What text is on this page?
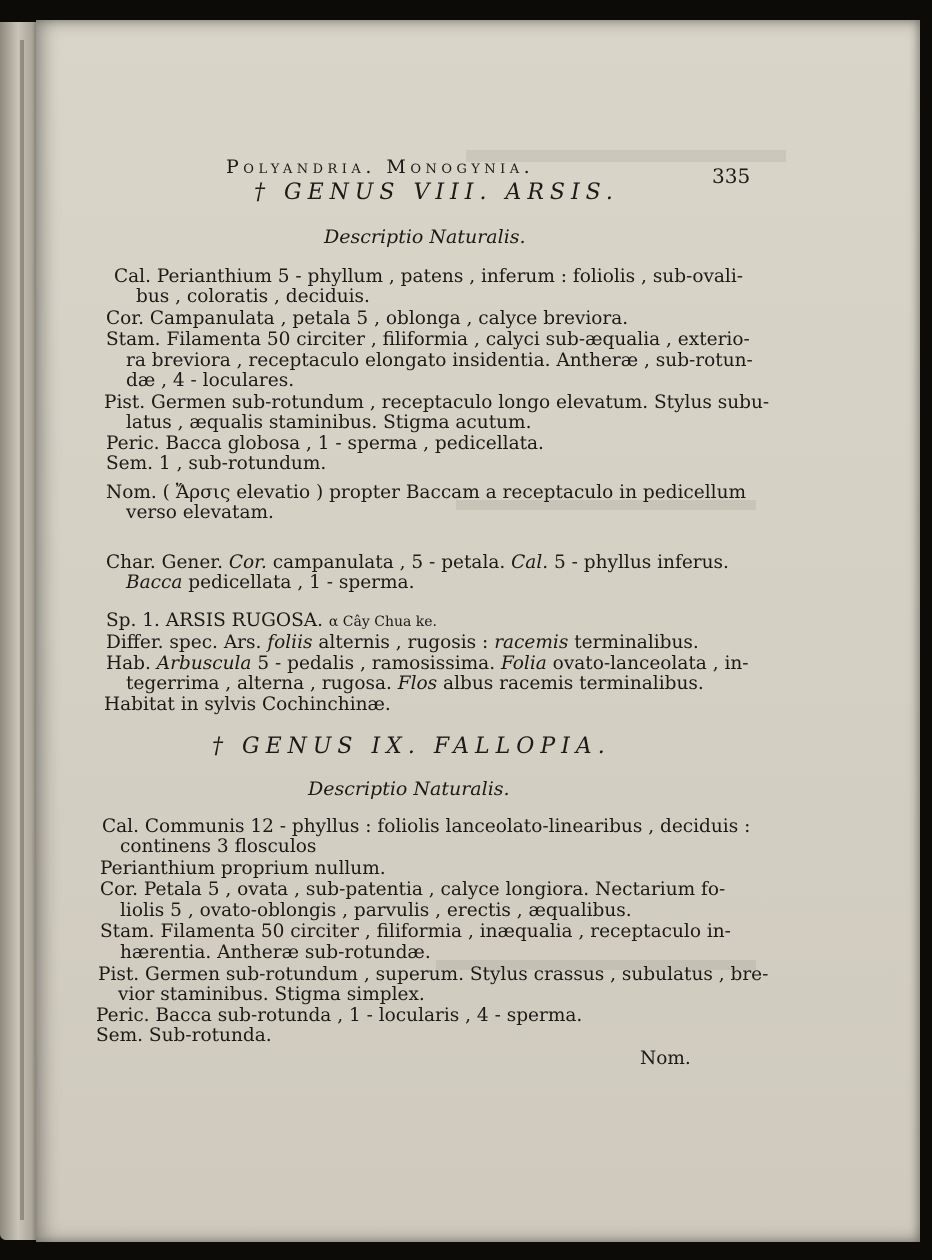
Polyandria. Monogynia.	335
† GENUS VIII. ARSIS.
Descriptio Naturalis.
Cal. Perianthium 5 - phyllum , patens , inferum : foliolis , sub-ovali-
bus , coloratis , deciduis.
Cor. Campanulata , petala 5 , oblonga , calyce breviora.
Stam. Filamenta 50 circiter , filiformia , calyci sub-æqualia , exterio-
ra breviora , receptaculo elongato insidentia. Antheræ , sub-rotun-
dæ , 4 - loculares.
Pist. Germen sub-rotundum , receptaculo longo elevatum. Stylus subu-
latus , æqualis staminibus. Stigma acutum.
Peric. Bacca globosa , 1 - sperma , pedicellata.
Sem. 1 , sub-rotundum.
Nom. ( Ἄρσις elevatio ) propter Baccam a receptaculo in pedicellum
verso elevatam.
Char. Gener. Cor. campanulata , 5 - petala. Cal. 5 - phyllus inferus.
Bacca pedicellata , 1 - sperma.
Sp. 1. ARSIS RUGOSA. α Cây Chua ke.
Differ. spec. Ars. foliis alternis , rugosis : racemis terminalibus.
Hab. Arbuscula 5 - pedalis , ramosissima. Folia ovato-lanceolata , in-
tegerrima , alterna , rugosa. Flos albus racemis terminalibus.
Habitat in sylvis Cochinchinæ.
† GENUS IX. FALLOPIA.
Descriptio Naturalis.
Cal. Communis 12 - phyllus : foliolis lanceolato-linearibus , deciduis :
continens 3 flosculos
Perianthium proprium nullum.
Cor. Petala 5 , ovata , sub-patentia , calyce longiora. Nectarium fo-
liolis 5 , ovato-oblongis , parvulis , erectis , æqualibus.
Stam. Filamenta 50 circiter , filiformia , inæqualia , receptaculo in-
hærentia. Antheræ sub-rotundæ.
Pist. Germen sub-rotundum , superum. Stylus crassus , subulatus , bre-
vior staminibus. Stigma simplex.
Peric. Bacca sub-rotunda , 1 - locularis , 4 - sperma.
Sem. Sub-rotunda.
Nom.
